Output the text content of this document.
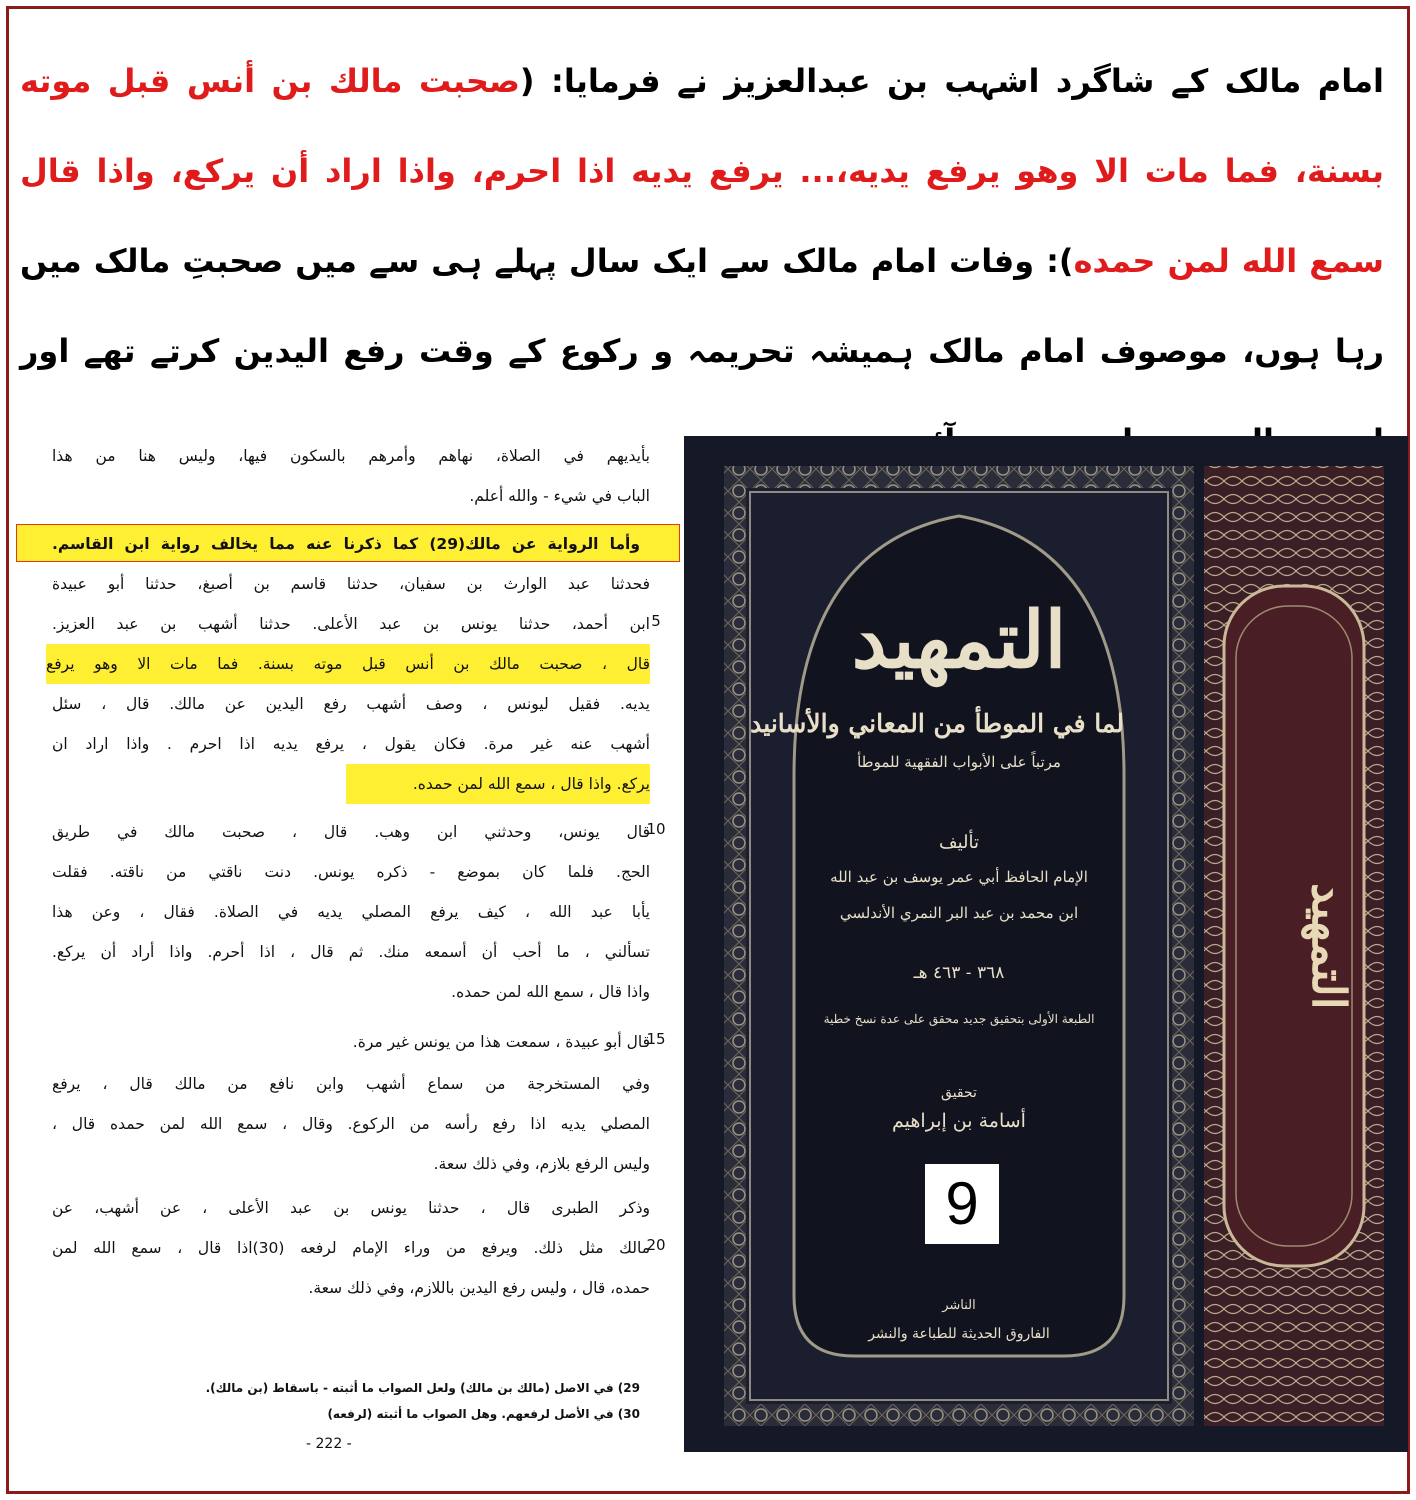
امام مالک کے شاگرد اشہب بن عبدالعزیز نے فرمایا: (صحبت مالك بن أنس قبل موته بسنة، فما مات الا وهو يرفع يديه،... يرفع يديه اذا احرم، واذا اراد أن يركع، واذا قال سمع الله لمن حمده): وفات امام مالک سے ایک سال پہلے ہی سے میں صحبتِ مالک میں رہا ہوں، موصوف امام مالک ہمیشہ تحریمہ و رکوع کے وقت رفع الیدین کرتے تھے اور

بأيديهم في الصلاة، نهاهم وأمرهم بالسكون فيها، وليس هنا من هذا
الباب في شيء - والله أعلم.
وأما الرواية عن مالك(29) كما ذكرنا عنه مما يخالف رواية ابن القاسم.
فحدثنا عبد الوارث بن سفيان، حدثنا قاسم بن أصبغ، حدثنا أبو عبيدة
ابن أحمد، حدثنا يونس بن عبد الأعلى. حدثنا أشهب بن عبد العزيز. 5
قال ، صحبت مالك بن أنس قبل موته بسنة. فما مات الا وهو يرفع
يديه. فقيل ليونس ، وصف أشهب رفع اليدين عن مالك. قال ، سئل
أشهب عنه غير مرة. فكان يقول ، يرفع يديه اذا احرم . واذا اراد ان
يركع. واذا قال ، سمع الله لمن حمده.
قال يونس، وحدثني ابن وهب. قال ، صحبت مالك في طريق
10
الحج. فلما كان بموضع - ذكره يونس. دنت ناقتي من ناقته. فقلت
يأبا عبد الله ، كيف يرفع المصلي يديه في الصلاة. فقال ، وعن هذا
تسألني ، ما أحب أن أسمعه منك. ثم قال ، اذا أحرم. واذا أراد أن يركع.
واذا قال ، سمع الله لمن حمده.
قال أبو عبيدة ، سمعت هذا من يونس غير مرة.
15
وفي المستخرجة من سماع أشهب وابن نافع من مالك قال ، يرفع
المصلي يديه اذا رفع رأسه من الركوع. وقال ، سمع الله لمن حمده قال ،
وليس الرفع بلازم، وفي ذلك سعة.
وذكر الطبرى قال ، حدثنا يونس بن عبد الأعلى ، عن أشهب، عن
مالك مثل ذلك. ويرفع من وراء الإمام لرفعه (30)اذا قال ، سمع الله لمن
20
حمده، قال ، وليس رفع اليدين باللازم، وفي ذلك سعة.
29) في الاصل (مالك بن مالك) ولعل الصواب ما أثبته - باسقاط (بن مالك).
30) في الأصل لرفعهم. وهل الصواب ما أثبته (لرفعه)
- 222 -
التمهيد
لما في الموطأ من المعاني والأسانيد
مرتباً على الأبواب الفقهية للموطأ
تأليف
الإمام الحافظ أبي عمر يوسف بن عبد الله
ابن محمد بن عبد البر النمري الأندلسي
٣٦٨ - ٤٦٣ هـ
الطبعة الأولى بتحقيق جديد محقق على عدة نسخ خطية
تحقيق
أسامة بن إبراهيم
9
الناشر
الفاروق الحديثة للطباعة والنشر
التمهيد
